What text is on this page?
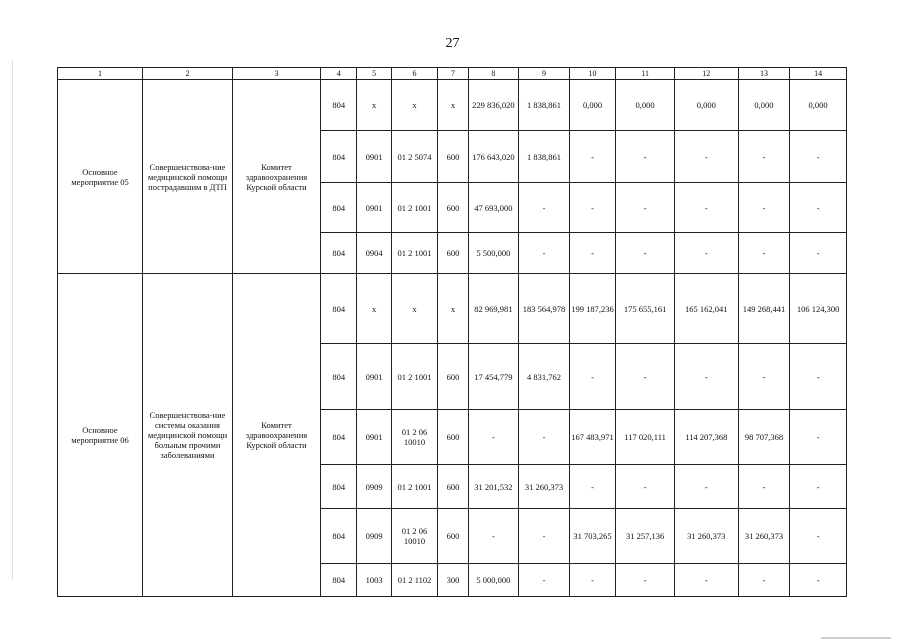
27
1	2	3	4	5	6	7	8	9	10	11	12	13	14
Основное мероприятие 05	Совершенствова-ние медицинской помощи пострадавшим в ДТП	Комитет здравоохранения Курской области	804	x	x	x	229 836,020	1 838,861	0,000	0,000	0,000	0,000	0,000
			804	0901	01 2 5074	600	176 643,020	1 838,861	-	-	-	-	-
			804	0901	01 2 1001	600	47 693,000	-	-	-	-	-	-
			804	0904	01 2 1001	600	5 500,000	-	-	-	-	-	-
Основное мероприятие 06	Совершенствова-ние системы оказания медицинской помощи больным прочими заболеваниями	Комитет здравоохранения Курской области	804	x	x	x	82 969,981	183 564,978	199 187,236	175 655,161	165 162,041	149 268,441	106 124,300
			804	0901	01 2 1001	600	17 454,779	4 831,762	-	-	-	-	-
			804	0901	01 2 06 10010	600	-	-	167 483,971	117 020,111	114 207,368	98 707,368	-
			804	0909	01 2 1001	600	31 201,532	31 260,373	-	-	-	-	-
			804	0909	01 2 06 10010	600	-	-	31 703,265	31 257,136	31 260,373	31 260,373	-
			804	1003	01 2 1102	300	5 000,000	-	-	-	-	-	-
